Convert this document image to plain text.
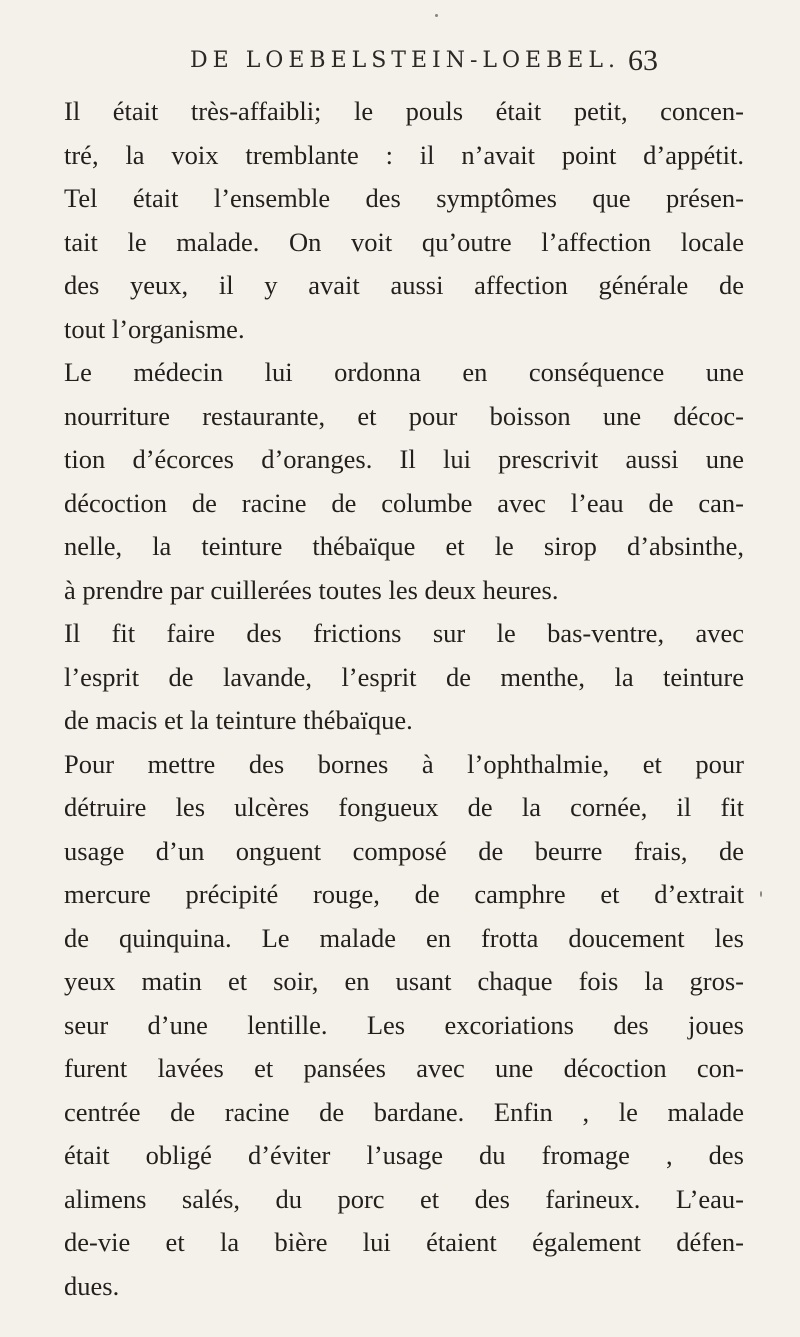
DE LOEBELSTEIN-LOEBEL. 63
Il était très-affaibli; le pouls était petit, concen-
tré, la voix tremblante : il n’avait point d’appétit.
Tel était l’ensemble des symptômes que présen-
tait le malade. On voit qu’outre l’affection locale
des yeux, il y avait aussi affection générale de
tout l’organisme.
Le médecin lui ordonna en conséquence une
nourriture restaurante, et pour boisson une décoc-
tion d’écorces d’oranges. Il lui prescrivit aussi une
décoction de racine de columbe avec l’eau de can-
nelle, la teinture thébaïque et le sirop d’absinthe,
à prendre par cuillerées toutes les deux heures.
Il fit faire des frictions sur le bas-ventre, avec
l’esprit de lavande, l’esprit de menthe, la teinture
de macis et la teinture thébaïque.
Pour mettre des bornes à l’ophthalmie, et pour
détruire les ulcères fongueux de la cornée, il fit
usage d’un onguent composé de beurre frais, de
mercure précipité rouge, de camphre et d’extrait
de quinquina. Le malade en frotta doucement les
yeux matin et soir, en usant chaque fois la gros-
seur d’une lentille. Les excoriations des joues
furent lavées et pansées avec une décoction con-
centrée de racine de bardane. Enfin , le malade
était obligé d’éviter l’usage du fromage , des
alimens salés, du porc et des farineux. L’eau-
de-vie et la bière lui étaient également défen-
dues.
